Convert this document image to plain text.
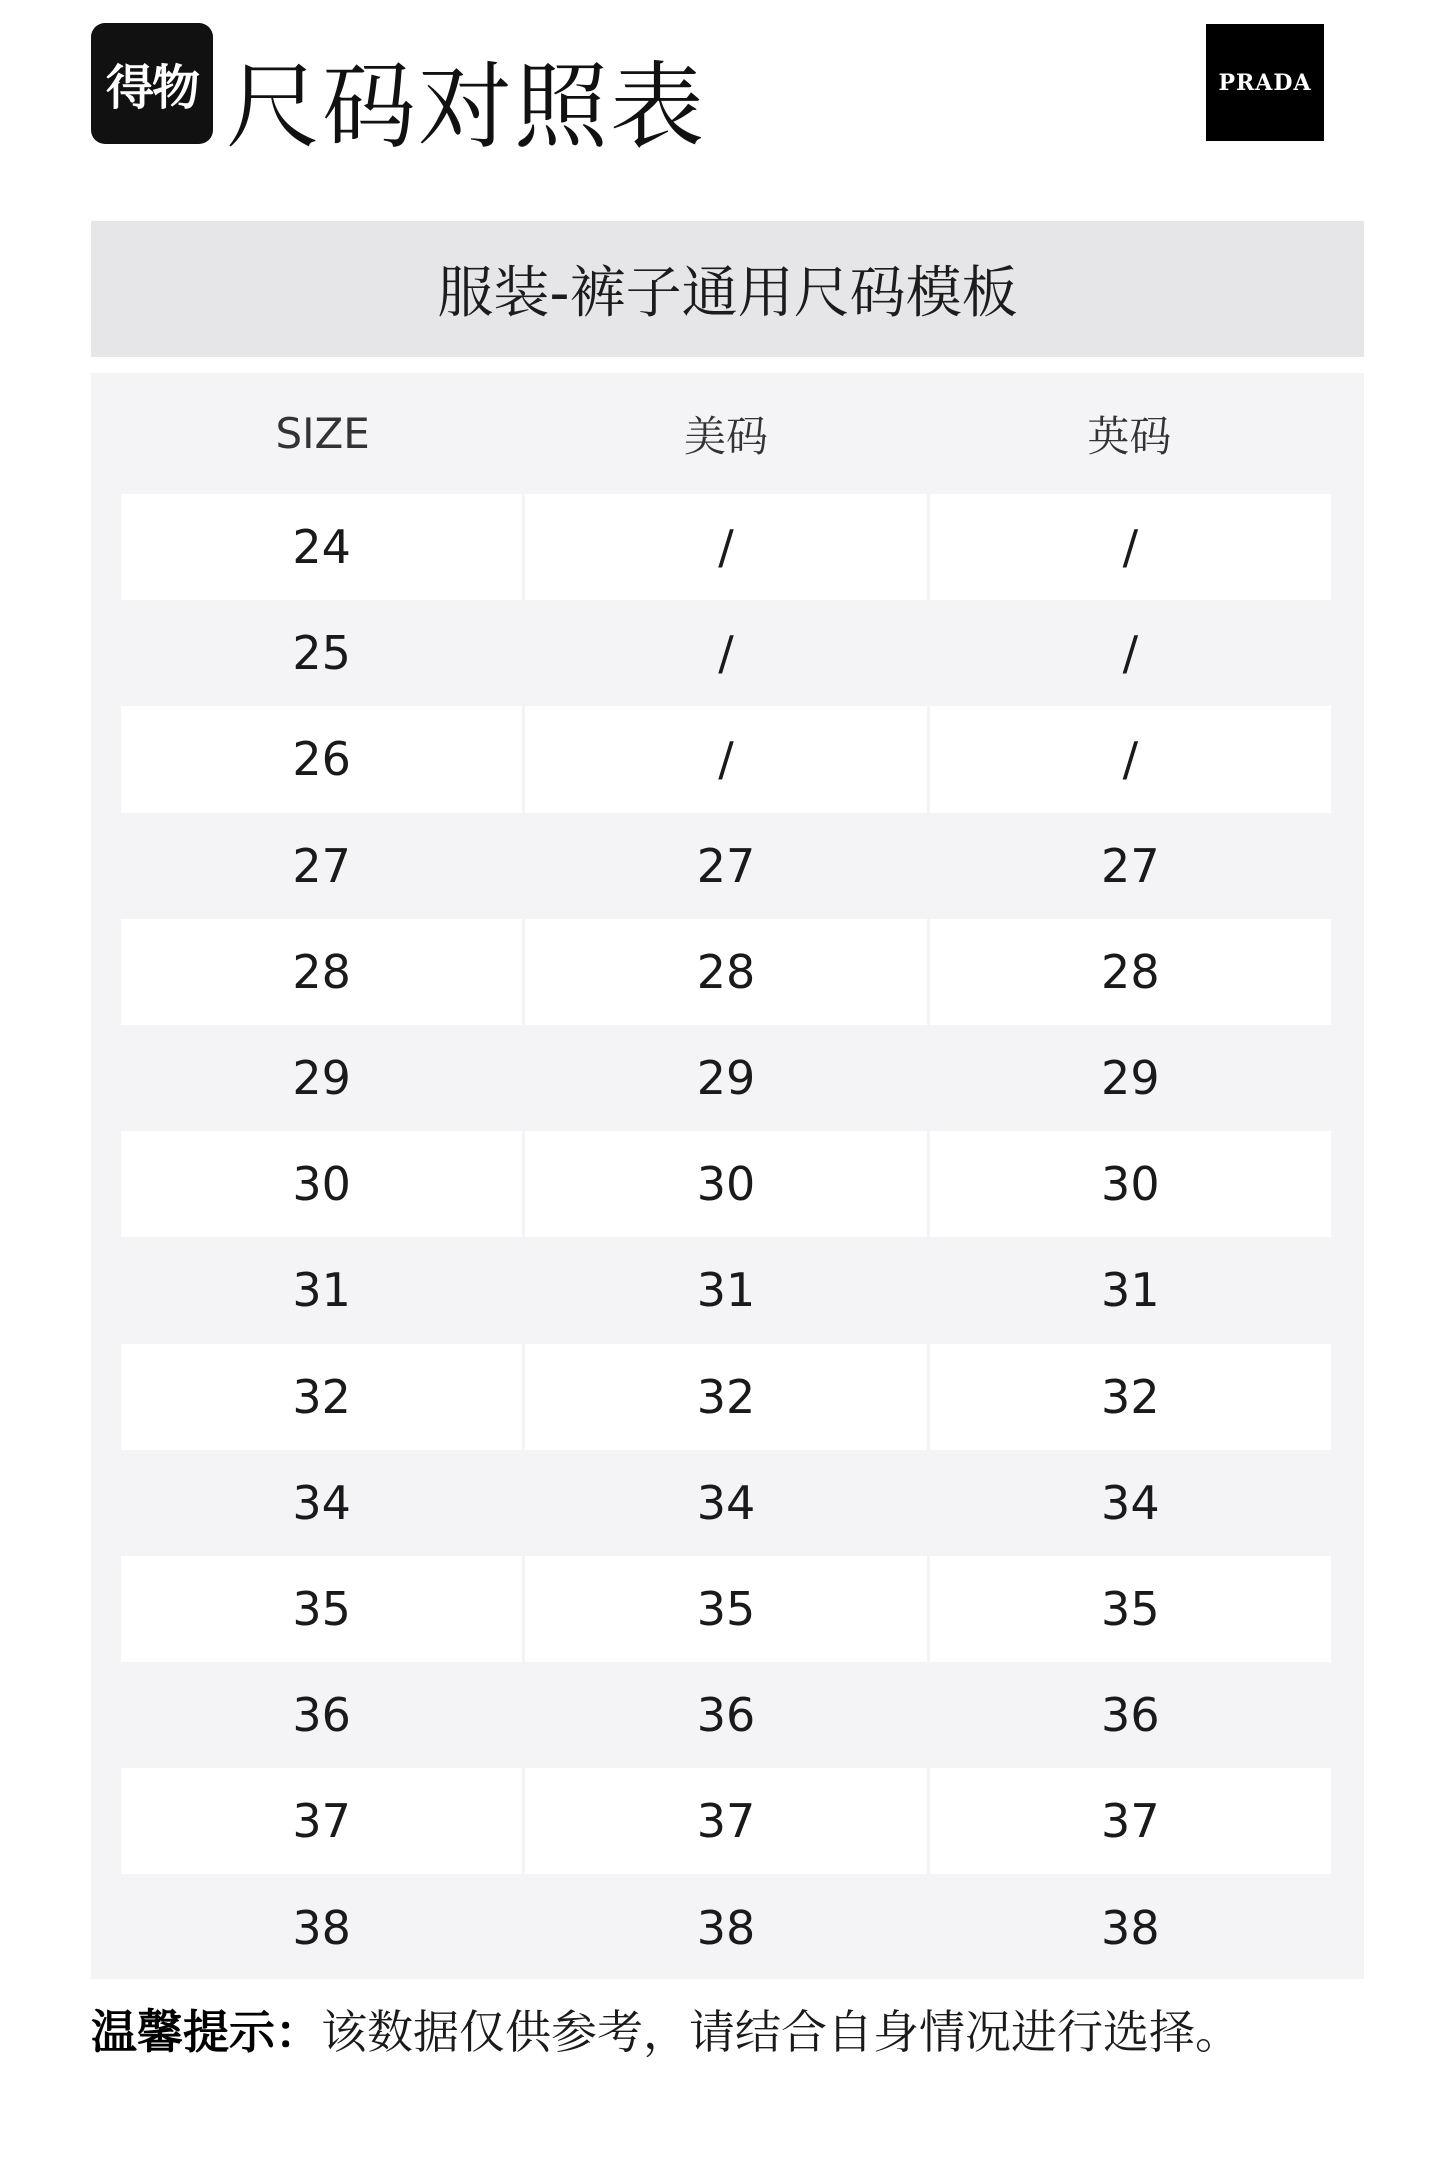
得物 尺码对照表	PRADA
服装-裤子通用尺码模板
SIZE	美码	英码
24	/	/
25	/	/
26	/	/
27	27	27
28	28	28
29	29	29
30	30	30
31	31	31
32	32	32
34	34	34
35	35	35
36	36	36
37	37	37
38	38	38
温馨提示：该数据仅供参考，请结合自身情况进行选择。
